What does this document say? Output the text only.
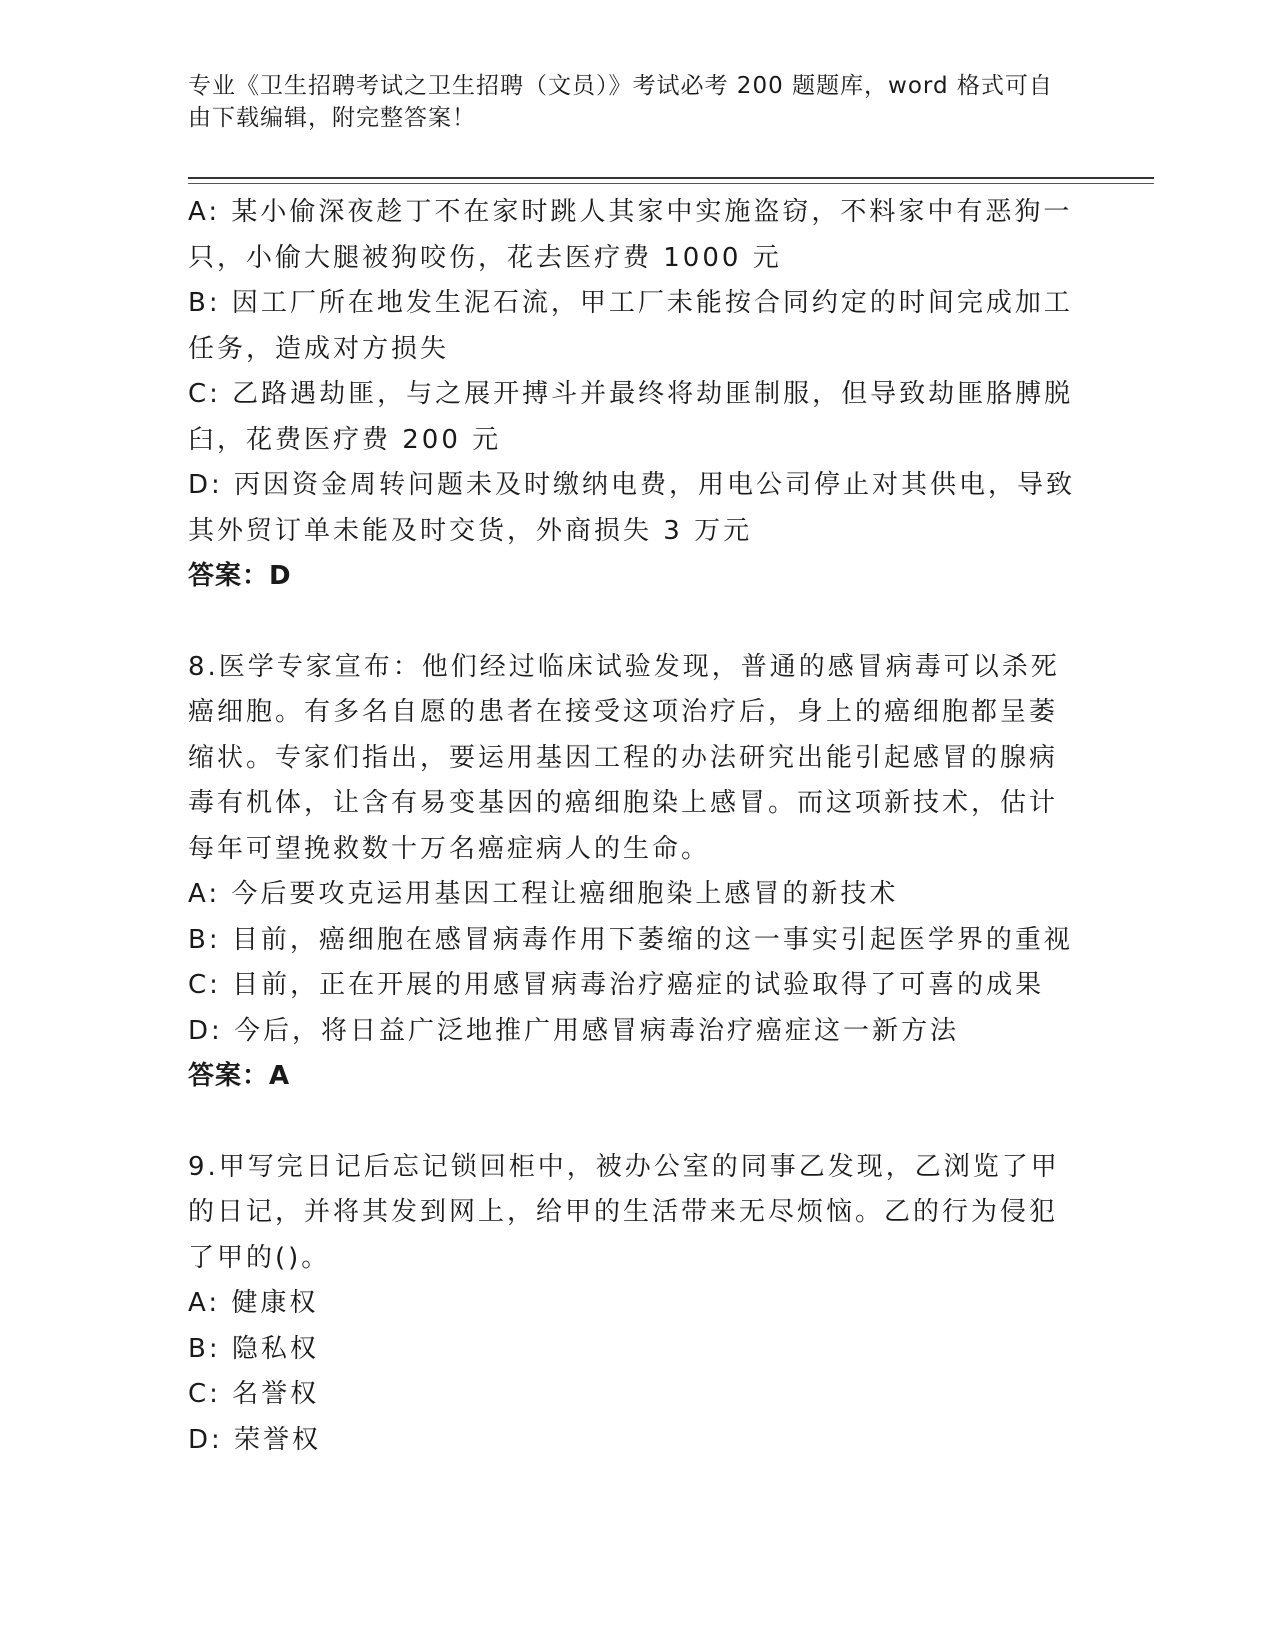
专业《卫生招聘考试之卫生招聘（文员）》考试必考 200 题题库，word 格式可自
由下载编辑，附完整答案！
A: 某小偷深夜趁丁不在家时跳人其家中实施盗窃，不料家中有恶狗一
只，小偷大腿被狗咬伤，花去医疗费 1000 元
B: 因工厂所在地发生泥石流，甲工厂未能按合同约定的时间完成加工
任务，造成对方损失
C: 乙路遇劫匪，与之展开搏斗并最终将劫匪制服，但导致劫匪胳膊脱
臼，花费医疗费 200 元
D: 丙因资金周转问题未及时缴纳电费，用电公司停止对其供电，导致
其外贸订单未能及时交货，外商损失 3 万元
答案：D
8.医学专家宣布：他们经过临床试验发现，普通的感冒病毒可以杀死
癌细胞。有多名自愿的患者在接受这项治疗后，身上的癌细胞都呈萎
缩状。专家们指出，要运用基因工程的办法研究出能引起感冒的腺病
毒有机体，让含有易变基因的癌细胞染上感冒。而这项新技术，估计
每年可望挽救数十万名癌症病人的生命。
A: 今后要攻克运用基因工程让癌细胞染上感冒的新技术
B: 目前，癌细胞在感冒病毒作用下萎缩的这一事实引起医学界的重视
C: 目前，正在开展的用感冒病毒治疗癌症的试验取得了可喜的成果
D: 今后，将日益广泛地推广用感冒病毒治疗癌症这一新方法
答案：A
9.甲写完日记后忘记锁回柜中，被办公室的同事乙发现，乙浏览了甲
的日记，并将其发到网上，给甲的生活带来无尽烦恼。乙的行为侵犯
了甲的()。
A: 健康权
B: 隐私权
C: 名誉权
D: 荣誉权
